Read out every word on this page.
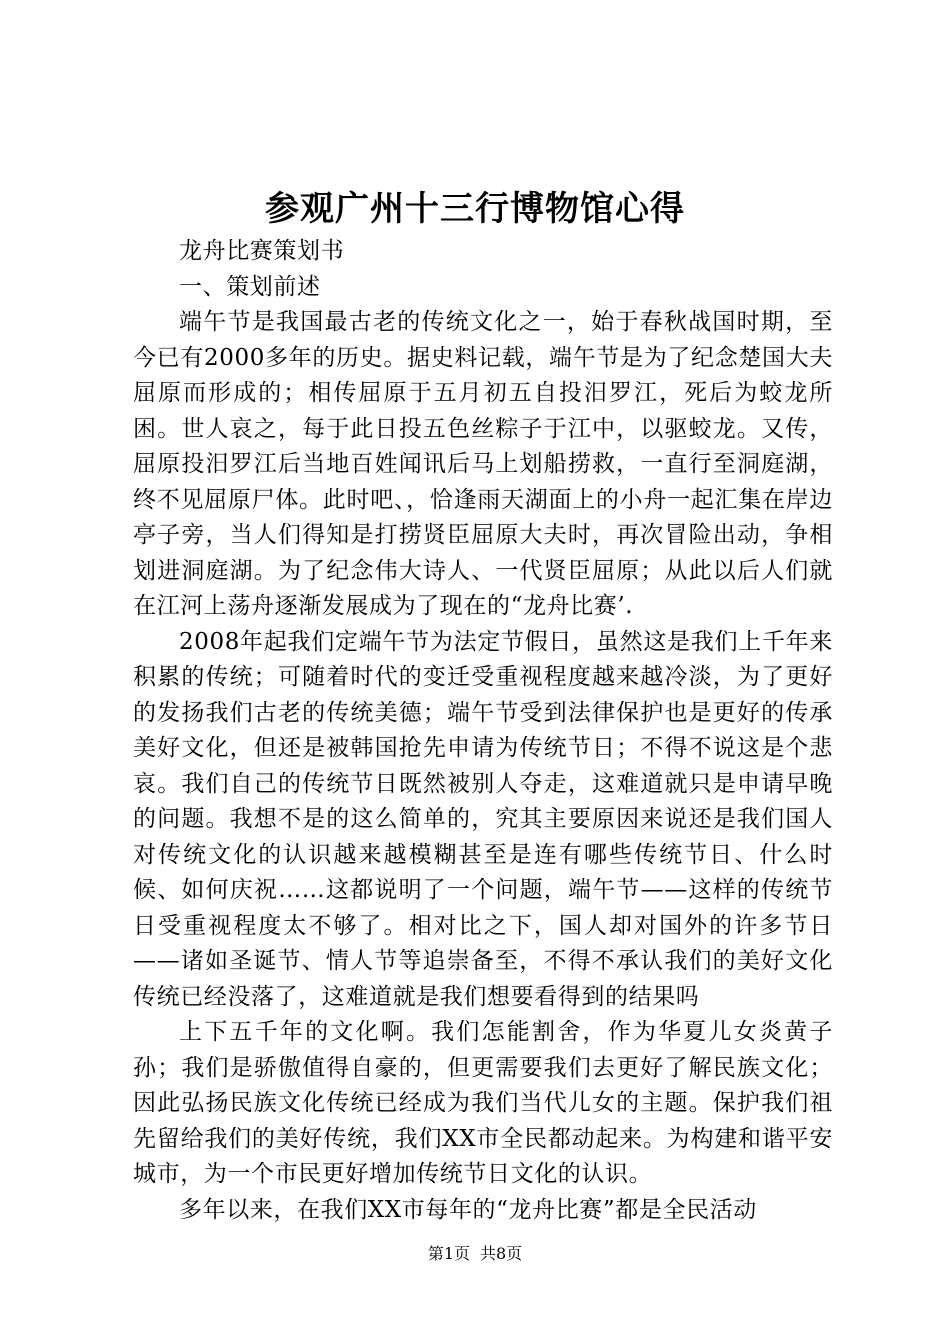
参观广州十三行博物馆心得

龙舟比赛策划书

一、策划前述

端午节是我国最古老的传统文化之一，始于春秋战国时期，至今已有2000多年的历史。据史料记载，端午节是为了纪念楚国大夫屈原而形成的；相传屈原于五月初五自投汨罗江，死后为蛟龙所困。世人哀之，每于此日投五色丝粽子于江中，以驱蛟龙。又传，屈原投汨罗江后当地百姓闻讯后马上划船捞救，一直行至洞庭湖，终不见屈原尸体。此时吧、，恰逢雨天湖面上的小舟一起汇集在岸边亭子旁，当人们得知是打捞贤臣屈原大夫时，再次冒险出动，争相划进洞庭湖。为了纪念伟大诗人、一代贤臣屈原；从此以后人们就在江河上荡舟逐渐发展成为了现在的“龙舟比赛’.

2008年起我们定端午节为法定节假日，虽然这是我们上千年来积累的传统；可随着时代的变迁受重视程度越来越冷淡，为了更好的发扬我们古老的传统美德；端午节受到法律保护也是更好的传承美好文化，但还是被韩国抢先申请为传统节日；不得不说这是个悲哀。我们自己的传统节日既然被别人夺走，这难道就只是申请早晚的问题。我想不是的这么简单的，究其主要原因来说还是我们国人对传统文化的认识越来越模糊甚至是连有哪些传统节日、什么时候、如何庆祝……这都说明了一个问题，端午节——这样的传统节日受重视程度太不够了。相对比之下，国人却对国外的许多节日——诸如圣诞节、情人节等追崇备至，不得不承认我们的美好文化传统已经没落了，这难道就是我们想要看得到的结果吗

上下五千年的文化啊。我们怎能割舍，作为华夏儿女炎黄子孙；我们是骄傲值得自豪的，但更需要我们去更好了解民族文化；因此弘扬民族文化传统已经成为我们当代儿女的主题。保护我们祖先留给我们的美好传统，我们XX市全民都动起来。为构建和谐平安城市，为一个市民更好增加传统节日文化的认识。

多年以来，在我们XX市每年的“龙舟比赛”都是全民活动

第1页 共8页
